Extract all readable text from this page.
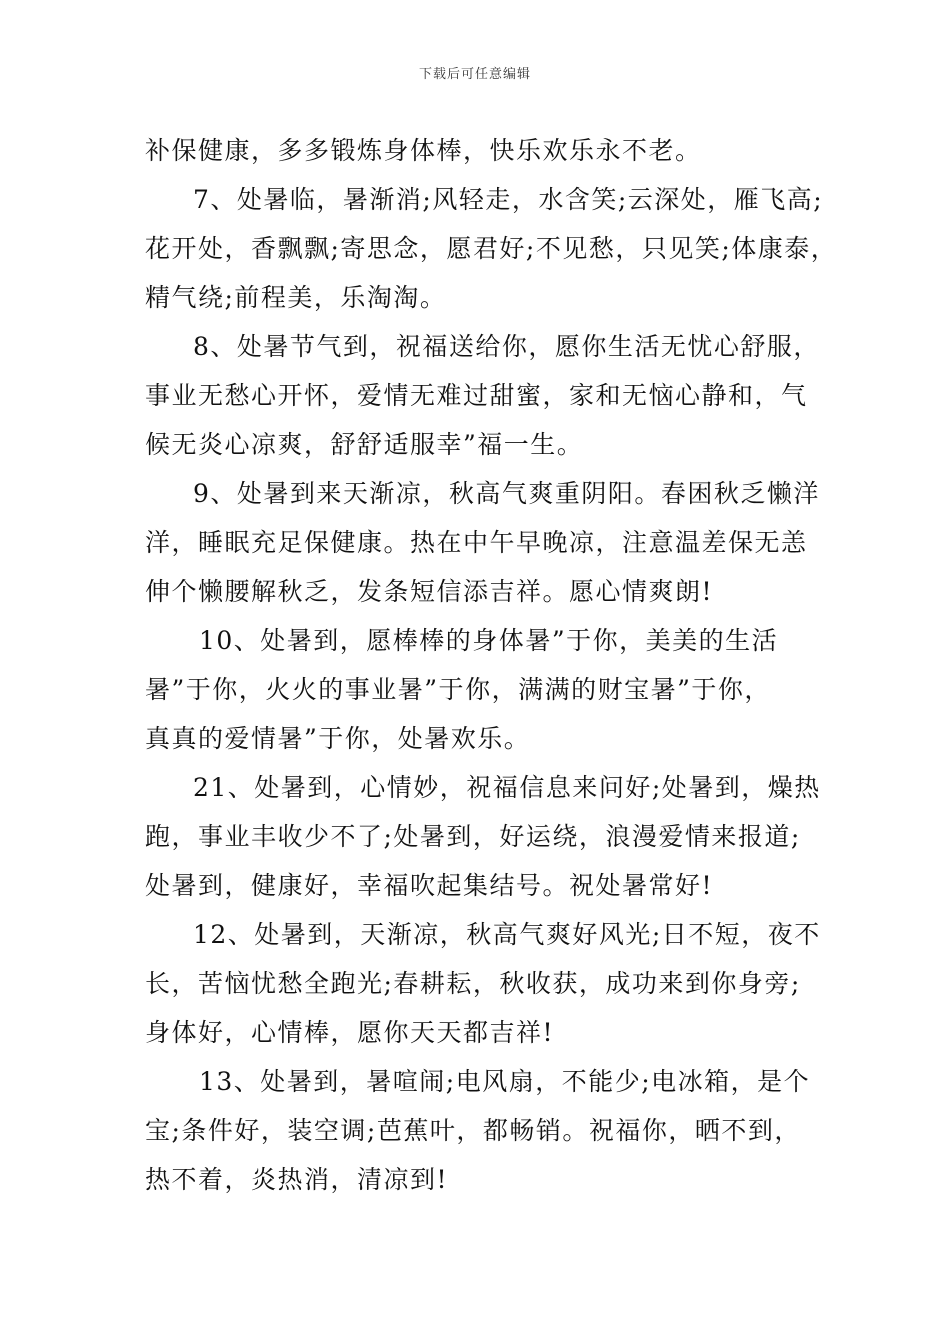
下载后可任意编辑
补保健康，多多锻炼身体棒，快乐欢乐永不老。
7、处暑临，暑渐消;风轻走，水含笑;云深处，雁飞高;
花开处，香飘飘;寄思念，愿君好;不见愁，只见笑;体康泰，
精气绕;前程美，乐淘淘。
8、处暑节气到，祝福送给你，愿你生活无忧心舒服，
事业无愁心开怀，爱情无难过甜蜜，家和无恼心静和，气
候无炎心凉爽，舒舒适服幸”福一生。
9、处暑到来天渐凉，秋高气爽重阴阳。春困秋乏懒洋
洋，睡眠充足保健康。热在中午早晚凉，注意温差保无恙
伸个懒腰解秋乏，发条短信添吉祥。愿心情爽朗!
10、处暑到，愿棒棒的身体暑”于你，美美的生活
暑”于你，火火的事业暑”于你，满满的财宝暑”于你，
真真的爱情暑”于你，处暑欢乐。
21、处暑到，心情妙，祝福信息来问好;处暑到，燥热
跑，事业丰收少不了;处暑到，好运绕，浪漫爱情来报道;
处暑到，健康好，幸福吹起集结号。祝处暑常好!
12、处暑到，天渐凉，秋高气爽好风光;日不短，夜不
长，苦恼忧愁全跑光;春耕耘，秋收获，成功来到你身旁;
身体好，心情棒，愿你天天都吉祥!
13、处暑到，暑喧闹;电风扇，不能少;电冰箱，是个
宝;条件好，装空调;芭蕉叶，都畅销。祝福你，晒不到，
热不着，炎热消，清凉到!
